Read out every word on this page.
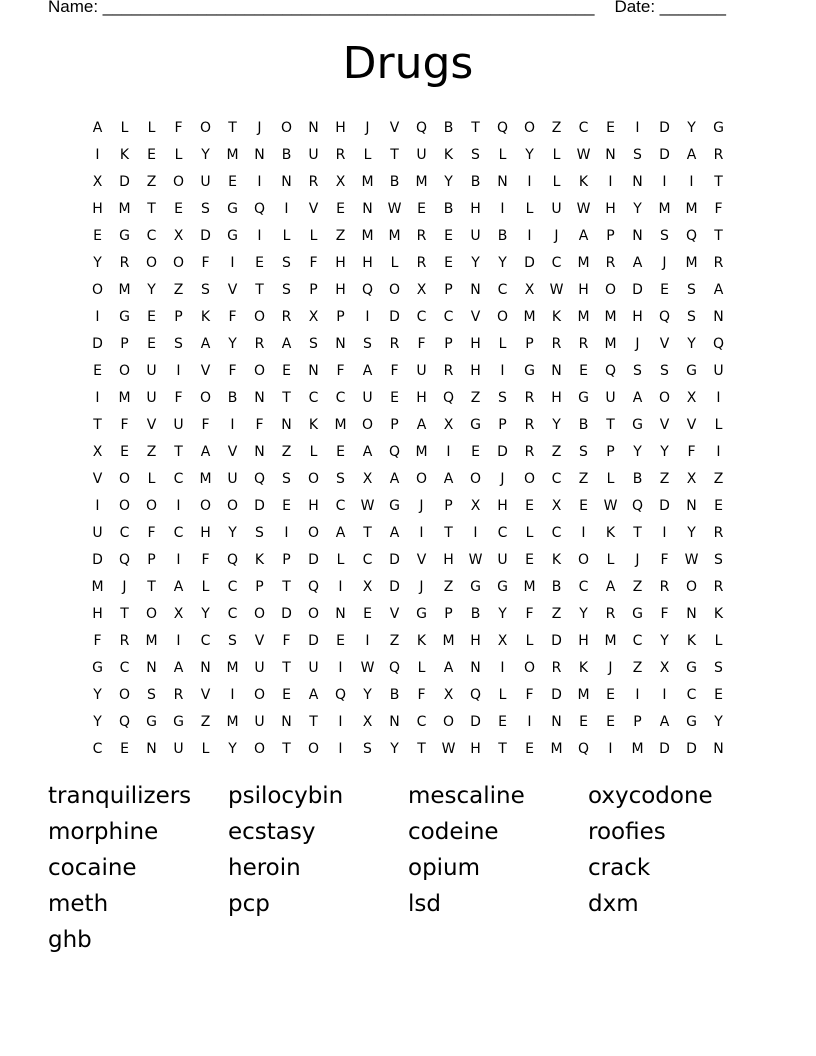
Name: ____________________________________________________ Date: _______
Drugs
A	L	L	F	O	T	J	O	N	H	J	V	Q	B	T	Q	O	Z	C	E	I	D	Y	G
I	K	E	L	Y	M	N	B	U	R	L	T	U	K	S	L	Y	L	W	N	S	D	A	R
X	D	Z	O	U	E	I	N	R	X	M	B	M	Y	B	N	I	L	K	I	N	I	I	T
H	M	T	E	S	G	Q	I	V	E	N	W	E	B	H	I	L	U	W	H	Y	M	M	F
E	G	C	X	D	G	I	L	L	Z	M	M	R	E	U	B	I	J	A	P	N	S	Q	T
Y	R	O	O	F	I	E	S	F	H	H	L	R	E	Y	Y	D	C	M	R	A	J	M	R
O	M	Y	Z	S	V	T	S	P	H	Q	O	X	P	N	C	X	W	H	O	D	E	S	A
I	G	E	P	K	F	O	R	X	P	I	D	C	C	V	O	M	K	M	M	H	Q	S	N
D	P	E	S	A	Y	R	A	S	N	S	R	F	P	H	L	P	R	R	M	J	V	Y	Q
E	O	U	I	V	F	O	E	N	F	A	F	U	R	H	I	G	N	E	Q	S	S	G	U
I	M	U	F	O	B	N	T	C	C	U	E	H	Q	Z	S	R	H	G	U	A	O	X	I
T	F	V	U	F	I	F	N	K	M	O	P	A	X	G	P	R	Y	B	T	G	V	V	L
X	E	Z	T	A	V	N	Z	L	E	A	Q	M	I	E	D	R	Z	S	P	Y	Y	F	I
V	O	L	C	M	U	Q	S	O	S	X	A	O	A	O	J	O	C	Z	L	B	Z	X	Z
I	O	O	I	O	O	D	E	H	C	W	G	J	P	X	H	E	X	E	W	Q	D	N	E
U	C	F	C	H	Y	S	I	O	A	T	A	I	T	I	C	L	C	I	K	T	I	Y	R
D	Q	P	I	F	Q	K	P	D	L	C	D	V	H	W	U	E	K	O	L	J	F	W	S
M	J	T	A	L	C	P	T	Q	I	X	D	J	Z	G	G	M	B	C	A	Z	R	O	R
H	T	O	X	Y	C	O	D	O	N	E	V	G	P	B	Y	F	Z	Y	R	G	F	N	K
F	R	M	I	C	S	V	F	D	E	I	Z	K	M	H	X	L	D	H	M	C	Y	K	L
G	C	N	A	N	M	U	T	U	I	W	Q	L	A	N	I	O	R	K	J	Z	X	G	S
Y	O	S	R	V	I	O	E	A	Q	Y	B	F	X	Q	L	F	D	M	E	I	I	C	E
Y	Q	G	G	Z	M	U	N	T	I	X	N	C	O	D	E	I	N	E	E	P	A	G	Y
C	E	N	U	L	Y	O	T	O	I	S	Y	T	W	H	T	E	M	Q	I	M	D	D	N
tranquilizers	psilocybin	mescaline	oxycodone
morphine	ecstasy	codeine	roofies
cocaine	heroin	opium	crack
meth	pcp	lsd	dxm
ghb
